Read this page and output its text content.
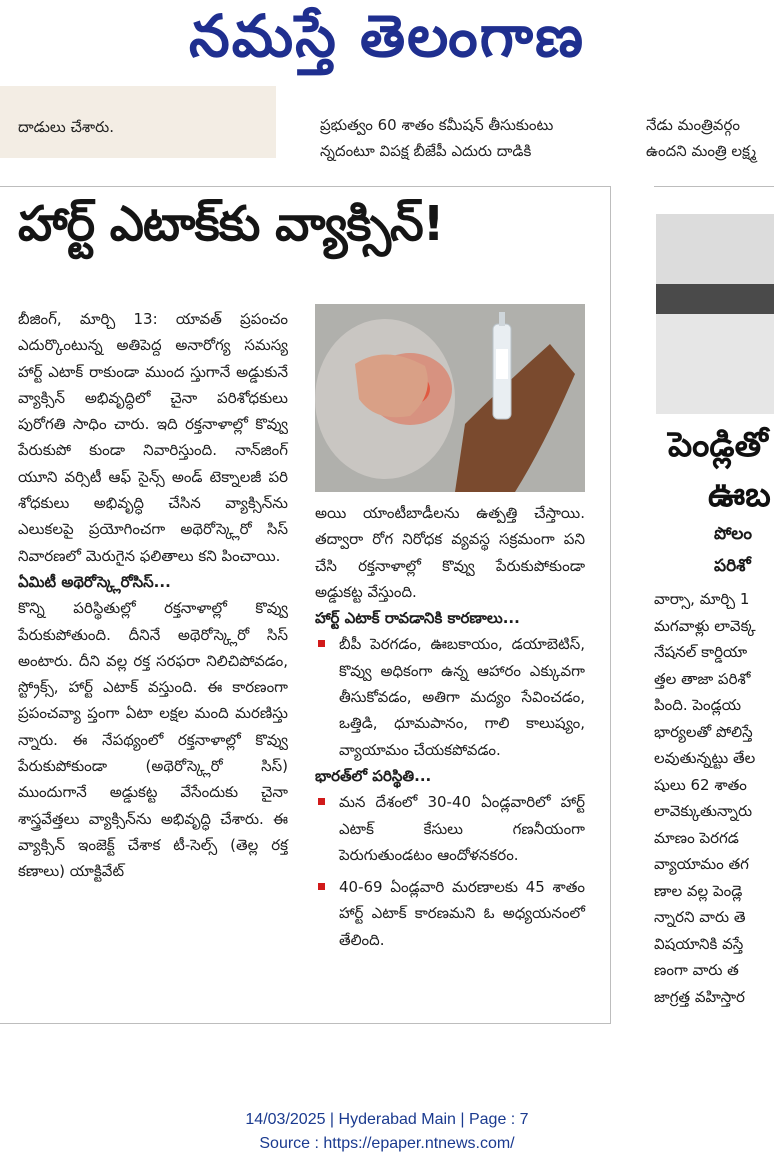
నమస్తే తెలంగాణ
దాడులు చేశారు.	ప్రభుత్వం 60 శాతం కమీషన్ తీసుకుంటు
న్నదంటూ విపక్ష బీజేపీ ఎదురు దాడికి
నేడు మంత్రివర్గం
ఉందని మంత్రి లక్ష్మ
హార్ట్ ఎటాక్‌కు వ్యాక్సిన్!

బీజింగ్, మార్చి 13: యావత్ ప్రపంచం ఎదుర్కొంటున్న అతిపెద్ద అనారోగ్య సమస్య హార్ట్ ఎటాక్ రాకుండా ముంద స్తుగానే అడ్డుకునే వ్యాక్సిన్ అభివృద్ధిలో చైనా పరిశోధకులు పురోగతి సాధిం చారు. ఇది రక్తనాళాల్లో కొవ్వు పేరుకుపో కుండా నివారిస్తుంది. నాన్‌జింగ్ యూని వర్సిటీ ఆఫ్ సైన్స్ అండ్ టెక్నాలజీ పరి శోధకులు అభివృద్ధి చేసిన వ్యాక్సిన్‌ను ఎలుకలపై ప్రయోగించగా అథెరోస్క్లెరో సిస్ నివారణలో మెరుగైన ఫలితాలు కని పించాయి.

ఏమిటీ అథెరోస్క్లెరోసిస్...

కొన్ని పరిస్థితుల్లో రక్తనాళాల్లో కొవ్వు పేరుకుపోతుంది. దీనినే అథెరోస్క్లెరో సిస్ అంటారు. దీని వల్ల రక్త సరఫరా నిలిచిపోవడం, స్ట్రోక్స్, హార్ట్ ఎటాక్ వస్తుంది. ఈ కారణంగా ప్రపంచవ్యా ప్తంగా ఏటా లక్షల మంది మరణిస్తు న్నారు. ఈ నేపథ్యంలో రక్తనాళాల్లో కొవ్వు పేరుకుపోకుండా (అథెరోస్క్లెరో సిస్) ముందుగానే అడ్డుకట్ట వేసేందుకు చైనా శాస్త్రవేత్తలు వ్యాక్సిన్‌ను అభివృద్ధి చేశారు. ఈ వ్యాక్సిన్ ఇంజెక్ట్ చేశాక టీ-సెల్స్ (తెల్ల రక్త కణాలు) యాక్టివేట్

అయి యాంటీబాడీలను ఉత్పత్తి చేస్తాయి. తద్వారా రోగ నిరోధక వ్యవస్థ సక్రమంగా పని చేసి రక్తనాళాల్లో కొవ్వు పేరుకుపోకుండా అడ్డుకట్ట వేస్తుంది.

హార్ట్ ఎటాక్ రావడానికి కారణాలు...

బీపీ పెరగడం, ఊబకాయం, డయాబెటిస్, కొవ్వు అధికంగా ఉన్న ఆహారం ఎక్కువగా తీసుకోవడం, అతిగా మద్యం సేవించడం, ఒత్తిడి, ధూమపానం, గాలి కాలుష్యం, వ్యాయామం చేయకపోవడం.

భారత్‌లో పరిస్థితి...

మన దేశంలో 30-40 ఏండ్లవారిలో హార్ట్ ఎటాక్ కేసులు గణనీయంగా పెరుగుతుండటం ఆందోళనకరం.
40-69 ఏండ్లవారి మరణాలకు 45 శాతం హార్ట్ ఎటాక్ కారణమని ఓ అధ్యయనంలో తేలింది.
పెండ్లితో
ఊబ
పోలం
పరిశో
వార్సా, మార్చి 1
మగవాళ్లు లావెక్క
నేషనల్ కార్డియా
త్తల తాజా పరిశో
పింది. పెండ్లయ
భార్యలతో పోలిస్తే
లవుతున్నట్టు తేల
షులు 62 శాతం
లావెక్కుతున్నారు
మాణం పెరగడ
వ్యాయామం తగ
ణాల వల్ల పెండ్లె
న్నారని వారు తె
విషయానికి వస్తే
ణంగా వారు త
జాగ్రత్త వహిస్తార
14/03/2025 | Hyderabad Main | Page : 7
Source : https://epaper.ntnews.com/
